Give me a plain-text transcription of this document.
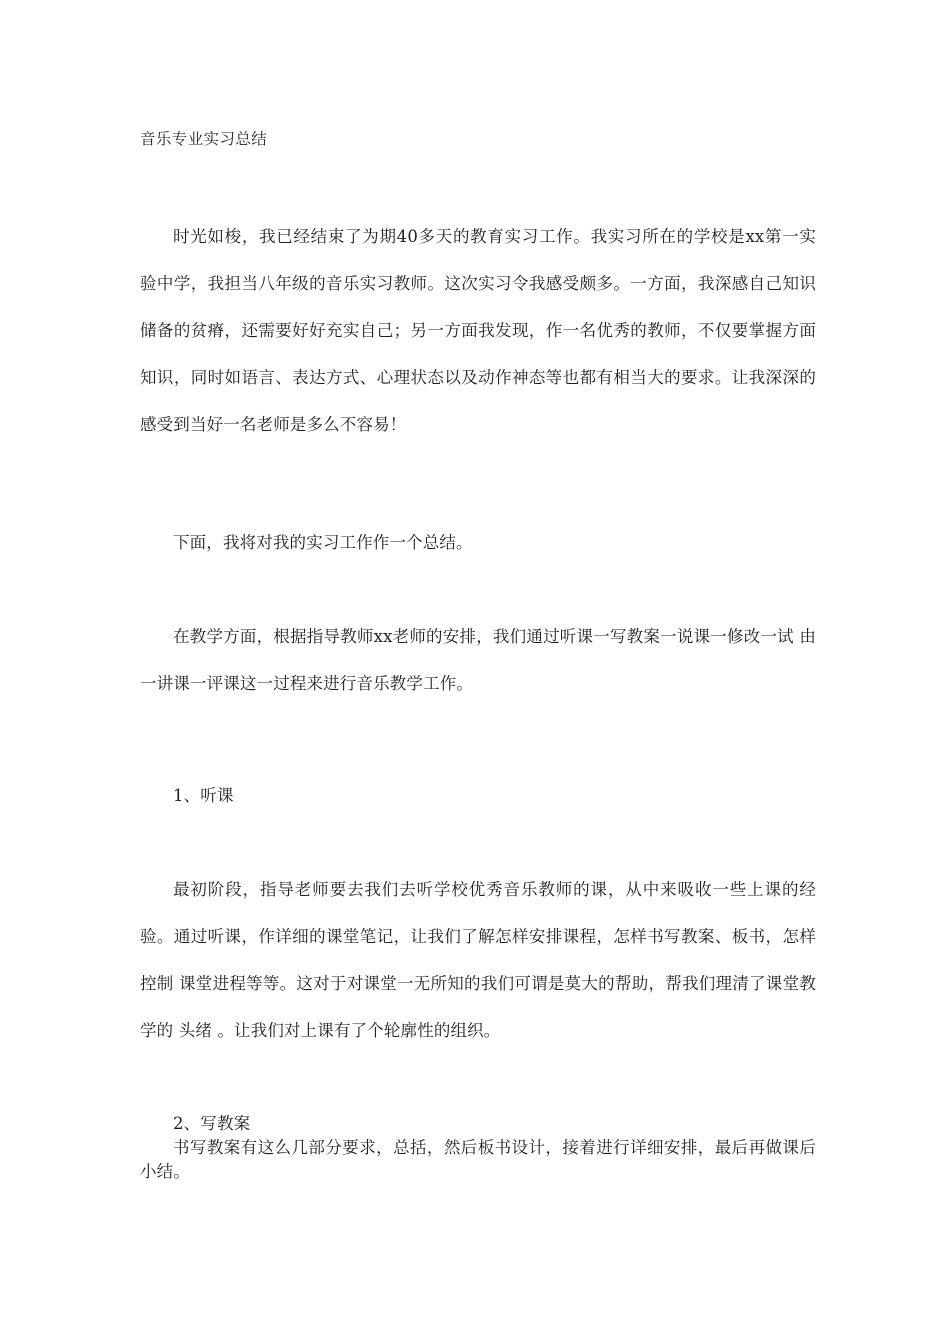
音乐专业实习总结
时光如梭，我已经结束了为期40多天的教育实习工作。我实习所在的学校是xx第一实 验中学，我担当八年级的音乐实习教师。这次实习令我感受颇多。一方面，我深感自己知识 储备的贫瘠，还需要好好充实自己；另一方面我发现，作一名优秀的教师，不仅要掌握方面 知识，同时如语言、表达方式、心理状态以及动作神态等也都有相当大的要求。让我深深的 感受到当好一名老师是多么不容易！
下面，我将对我的实习工作作一个总结。
在教学方面，根据指导教师xx老师的安排，我们通过听课一写教案一说课一修改一试 由一讲课一评课这一过程来进行音乐教学工作。
1、听课
最初阶段，指导老师要去我们去听学校优秀音乐教师的课，从中来吸收一些上课的经验。通过听课，作详细的课堂笔记，让我们了解怎样安排课程，怎样书写教案、板书，怎样控制 课堂进程等等。这对于对课堂一无所知的我们可谓是莫大的帮助，帮我们理清了课堂教学的 头绪 。让我们对上课有了个轮廓性的组织。
2、写教案
书写教案有这么几部分要求，总括，然后板书设计，接着进行详细安排，最后再做课后 小结。
